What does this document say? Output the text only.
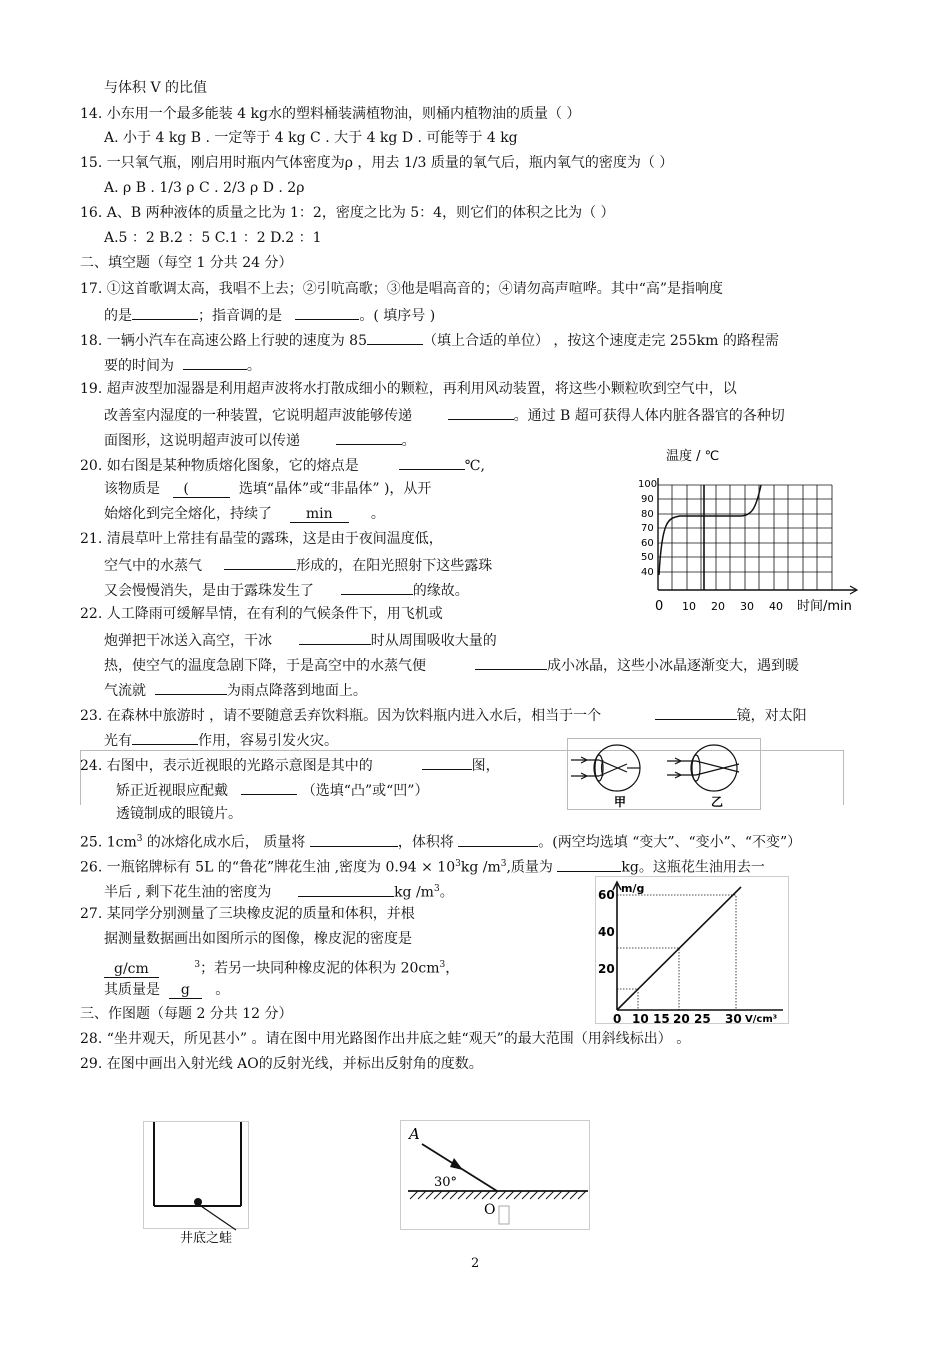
与体积 V 的比值
14. 小东用一个最多能装 4 kg水的塑料桶装满植物油，则桶内植物油的质量（ ）
A. 小于 4 kg B . 一定等于 4 kg C . 大于 4 kg D . 可能等于 4 kg
15. 一只氧气瓶，刚启用时瓶内气体密度为ρ ，用去 1/3 质量的氧气后，瓶内氧气的密度为（ ）
A. ρ B . 1/3 ρ C . 2/3 ρ D . 2ρ
16. A、B 两种液体的质量之比为 1：2，密度之比为 5：4，则它们的体积之比为（ ）
A.5 ：2 B.2 ：5 C.1 ：2 D.2 ：1
二、填空题（每空 1 分共 24 分）
17. ①这首歌调太高，我唱不上去；②引吭高歌；③他是唱高音的；④请勿高声喧哗。其中“高”是指响度
的是	；指音调的是	。( 填序号 )
18. 一辆小汽车在高速公路上行驶的速度为 85	（填上合适的单位） ，按这个速度走完 255km 的路程需
要的时间为	。
19. 超声波型加湿器是利用超声波将水打散成细小的颗粒，再利用风动装置，将这些小颗粒吹到空气中，以
改善室内湿度的一种装置，它说明超声波能够传递	。通过 B 超可获得人体内脏各器官的各种切
面图形，这说明超声波可以传递	。
20. 如右图是某种物质熔化图象，它的熔点是	℃,
该物质是 (	选填“晶体”或“非晶体” )，从开
始熔化到完全熔化，持续了 min	。
21. 清晨草叶上常挂有晶莹的露珠，这是由于夜间温度低，
空气中的水蒸气	形成的，在阳光照射下这些露珠
又会慢慢消失，是由于露珠发生了	的缘故。
22. 人工降雨可缓解旱情，在有利的气候条件下，用飞机或
炮弹把干冰送入高空，干冰	时从周围吸收大量的
热，使空气的温度急剧下降，于是高空中的水蒸气便	成小冰晶，这些小冰晶逐渐变大，遇到暖
气流就	为雨点降落到地面上。
23. 在森林中旅游时 ，请不要随意丢弃饮料瓶。因为饮料瓶内进入水后，相当于一个	镜，对太阳
光有	作用，容易引发火灾。
24. 右图中，表示近视眼的光路示意图是其中的	图，
矫正近视眼应配戴	（选填“凸”或“凹”）
透镜制成的眼镜片。
甲	乙
25. $1cm^3$ 的冰熔化成水后， 质量将	，体积将	。(两空均选填 “变大”、“变小”、“不变”）
26. 一瓶铭牌标有 5L 的“鲁花”牌花生油 ,密度为 $0.94 \times 10^3kg$ $/m^3$,质量为	kg。这瓶花生油用去一
半后 , 剩下花生油的密度为	kg $/m^3$。
27. 某同学分别测量了三块橡皮泥的质量和体积，并根
据测量数据画出如图所示的图像，橡皮泥的密度是
g/cm	$^3$；若另一块同种橡皮泥的体积为 $20cm^3$，
其质量是 g 。
三、作图题（每题 2 分共 12 分）
28. “坐井观天，所见甚小” 。请在图中用光路图作出井底之蛙“观天”的最大范围（用斜线标出） 。
29. 在图中画出入射光线 AO的反射光线，并标出反射角的度数。
温度 / ℃
100
90
80
70
60
50
40
0 10 20 30 40 时间/min
m/g
60
40
20
0 10 15 20 25 30 V/cm³
井底之蛙
A
30°
O
2
